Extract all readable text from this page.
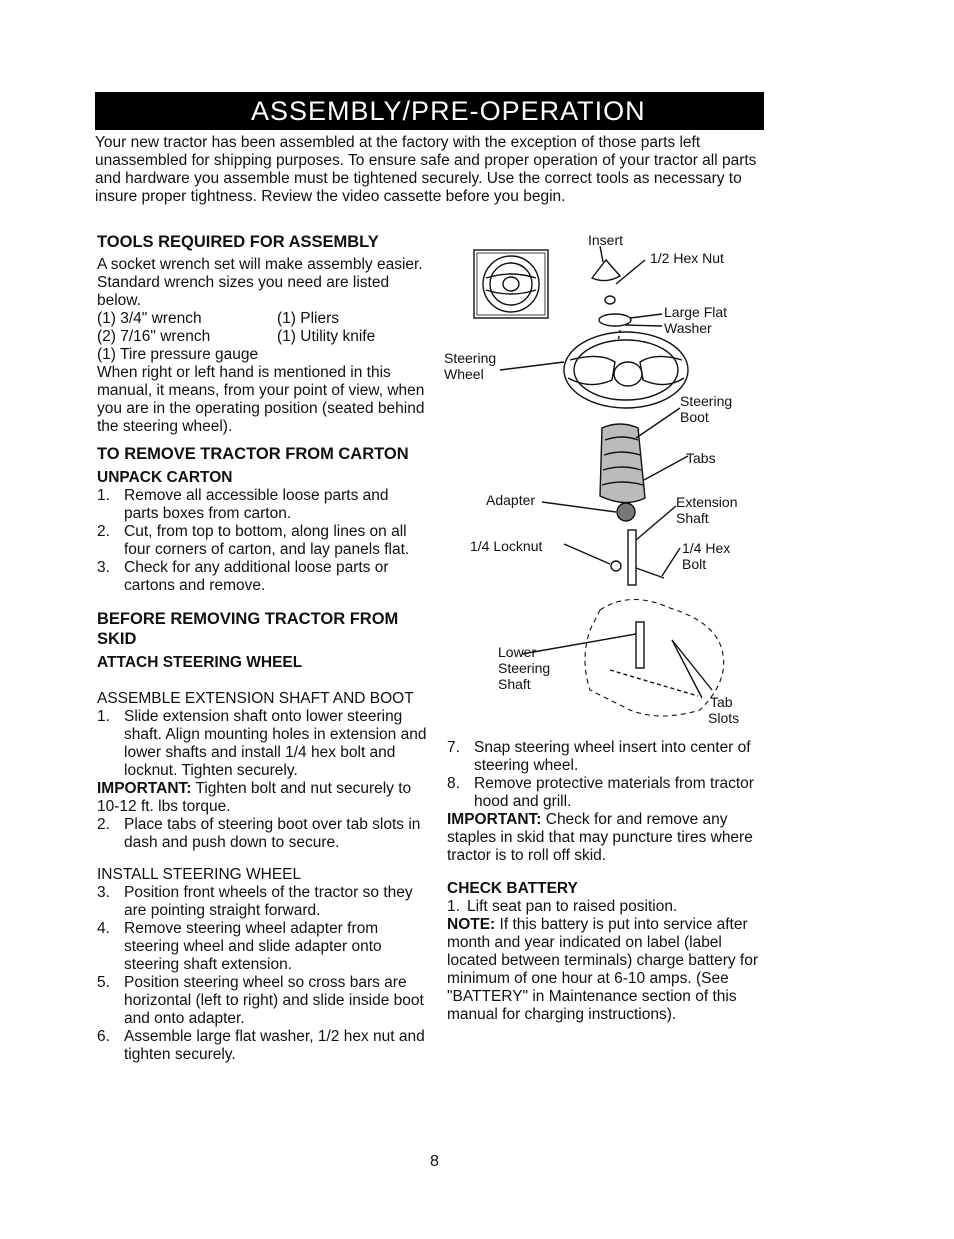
ASSEMBLY/PRE-OPERATION

Your new tractor has been assembled at the factory with the exception of those parts left unassembled for shipping purposes. To ensure safe and proper operation of your tractor all parts and hardware you assemble must be tightened securely. Use the correct tools as necessary to insure proper tightness. Review the video cassette before you begin.

TOOLS REQUIRED FOR ASSEMBLY

A socket wrench set will make assembly easier. Standard wrench sizes you need are listed below.

(1) 3/4" wrench	(1) Pliers
(2) 7/16" wrench	(1) Utility knife

(1) Tire pressure gauge

When right or left hand is mentioned in this manual, it means, from your point of view, when you are in the operating position (seated behind the steering wheel).

TO REMOVE TRACTOR FROM CARTON
UNPACK CARTON
1. Remove all accessible loose parts and parts boxes from carton.
2. Cut, from top to bottom, along lines on all four corners of carton, and lay panels flat.
3. Check for any additional loose parts or cartons and remove.
BEFORE REMOVING TRACTOR FROM SKID
ATTACH STEERING WHEEL

ASSEMBLE EXTENSION SHAFT AND BOOT

1. Slide extension shaft onto lower steering shaft. Align mounting holes in extension and lower shafts and install 1/4 hex bolt and locknut. Tighten securely.

IMPORTANT: Tighten bolt and nut securely to 10-12 ft. lbs torque.

2. Place tabs of steering boot over tab slots in dash and push down to secure.

INSTALL STEERING WHEEL

3. Position front wheels of the tractor so they are pointing straight forward.
4. Remove steering wheel adapter from steering wheel and slide adapter onto steering shaft extension.
5. Position steering wheel so cross bars are horizontal (left to right) and slide inside boot and onto adapter.
6. Assemble large flat washer, 1/2 hex nut and tighten securely.
Insert
1/2 Hex Nut
Large Flat
Washer
Steering
Wheel
Steering
Boot
Tabs
Adapter	Extension
Shaft
1/4 Locknut	1/4 Hex
Bolt
Lower
Steering
Shaft
Tab
Slots
7. Snap steering wheel insert into center of steering wheel.
8. Remove protective materials from tractor hood and grill.

IMPORTANT: Check for and remove any staples in skid that may puncture tires where tractor is to roll off skid.

CHECK BATTERY
1. Lift seat pan to raised position.

NOTE: If this battery is put into service after month and year indicated on label (label located between terminals) charge battery for minimum of one hour at 6-10 amps. (See "BATTERY" in Maintenance section of this manual for charging instructions).

8
